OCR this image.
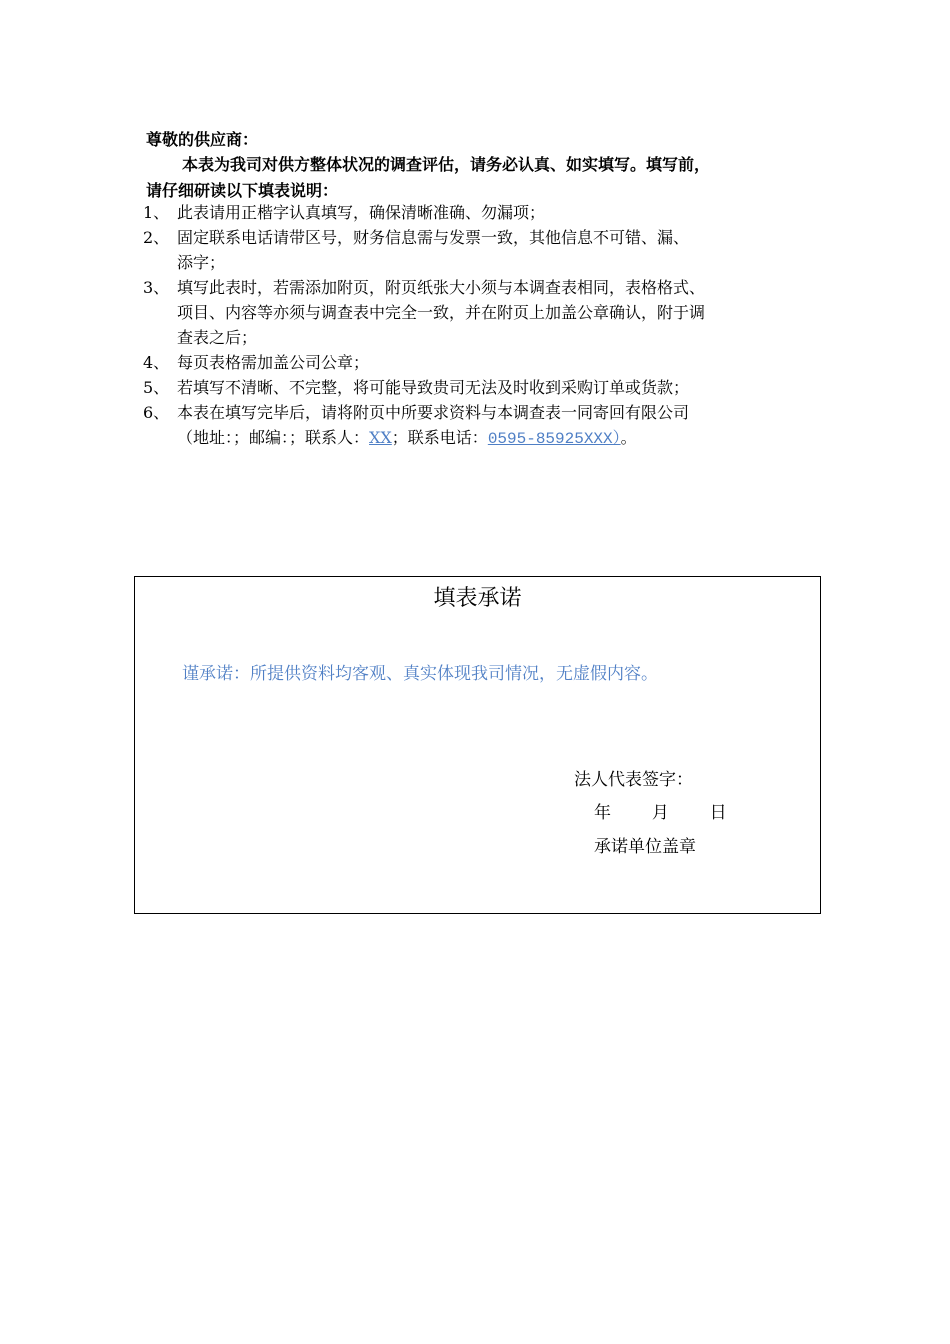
尊敬的供应商：
本表为我司对供方整体状况的调查评估，请务必认真、如实填写。填写前，
请仔细研读以下填表说明：
1、 此表请用正楷字认真填写，确保清晰准确、勿漏项；
2、 固定联系电话请带区号，财务信息需与发票一致，其他信息不可错、漏、
添字；
3、 填写此表时，若需添加附页，附页纸张大小须与本调查表相同，表格格式、
项目、内容等亦须与调查表中完全一致，并在附页上加盖公章确认，附于调
查表之后；
4、 每页表格需加盖公司公章；
5、 若填写不清晰、不完整，将可能导致贵司无法及时收到采购订单或货款；
6、 本表在填写完毕后，请将附页中所要求资料与本调查表一同寄回有限公司
（地址：；邮编：；联系人：XX；联系电话：0595-85925XXX）。
填表承诺
谨承诺：所提供资料均客观、真实体现我司情况，无虚假内容。
法人代表签字：
年 月 日
承诺单位盖章
